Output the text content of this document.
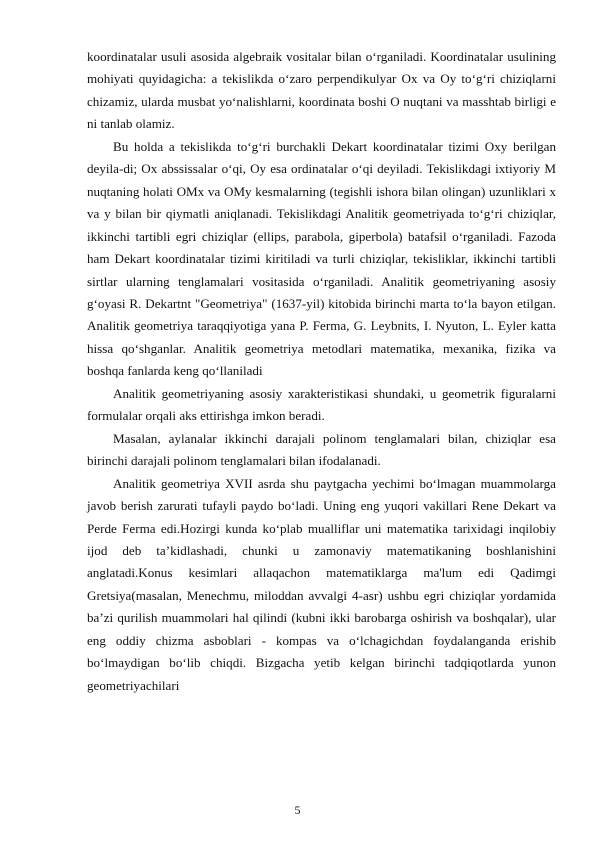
koordinatalar usuli asosida algebraik vositalar bilan o‘rganiladi. Koordinatalar usulining mohiyati quyidagicha: a tekislikda o‘zaro perpendikulyar Ox va Oy to‘g‘ri chiziqlarni chizamiz, ularda musbat yo‘nalishlarni, koordinata boshi O nuqtani va masshtab birligi e ni tanlab olamiz.

Bu holda a tekislikda to‘g‘ri burchakli Dekart koordinatalar tizimi Oxy berilgan deyila-di; Ox abssissalar o‘qi, Oy esa ordinatalar o‘qi deyiladi. Tekislikdagi ixtiyoriy M nuqtaning holati OMx va OMy kesmalarning (tegishli ishora bilan olingan) uzunliklari x va y bilan bir qiymatli aniqlanadi. Tekislikdagi Analitik geometriyada to‘g‘ri chiziqlar, ikkinchi tartibli egri chiziqlar (ellips, parabola, giperbola) batafsil o‘rganiladi. Fazoda ham Dekart koordinatalar tizimi kiritiladi va turli chiziqlar, tekisliklar, ikkinchi tartibli sirtlar ularning tenglamalari vositasida o‘rganiladi. Analitik geometriyaning asosiy g‘oyasi R. Dekartnt "Geometriya" (1637-yil) kitobida birinchi marta to‘la bayon etilgan. Analitik geometriya taraqqiyotiga yana P. Ferma, G. Leybnits, I. Nyuton, L. Eyler katta hissa qo‘shganlar. Analitik geometriya metodlari matematika, mexanika, fizika va boshqa fanlarda keng qo‘llaniladi

Analitik geometriyaning asosiy xarakteristikasi shundaki, u geometrik figuralarni formulalar orqali aks ettirishga imkon beradi.

Masalan, aylanalar ikkinchi darajali polinom tenglamalari bilan, chiziqlar esa birinchi darajali polinom tenglamalari bilan ifodalanadi.

Analitik geometriya XVII asrda shu paytgacha yechimi bo‘lmagan muammolarga javob berish zarurati tufayli paydo bo‘ladi. Uning eng yuqori vakillari Rene Dekart va Perde Ferma edi.Hozirgi kunda ko‘plab mualliflar uni matematika tarixidagi inqilobiy ijod deb ta’kidlashadi, chunki u zamonaviy matematikaning boshlanishini anglatadi.Konus kesimlari allaqachon matematiklarga ma'lum edi Qadimgi Gretsiya(masalan, Menechmu, miloddan avvalgi 4-asr) ushbu egri chiziqlar yordamida ba’zi qurilish muammolari hal qilindi (kubni ikki barobarga oshirish va boshqalar), ular eng oddiy chizma asboblari - kompas va o‘lchagichdan foydalanganda erishib bo‘lmaydigan bo‘lib chiqdi. Bizgacha yetib kelgan birinchi tadqiqotlarda yunon geometriyachilari

5
